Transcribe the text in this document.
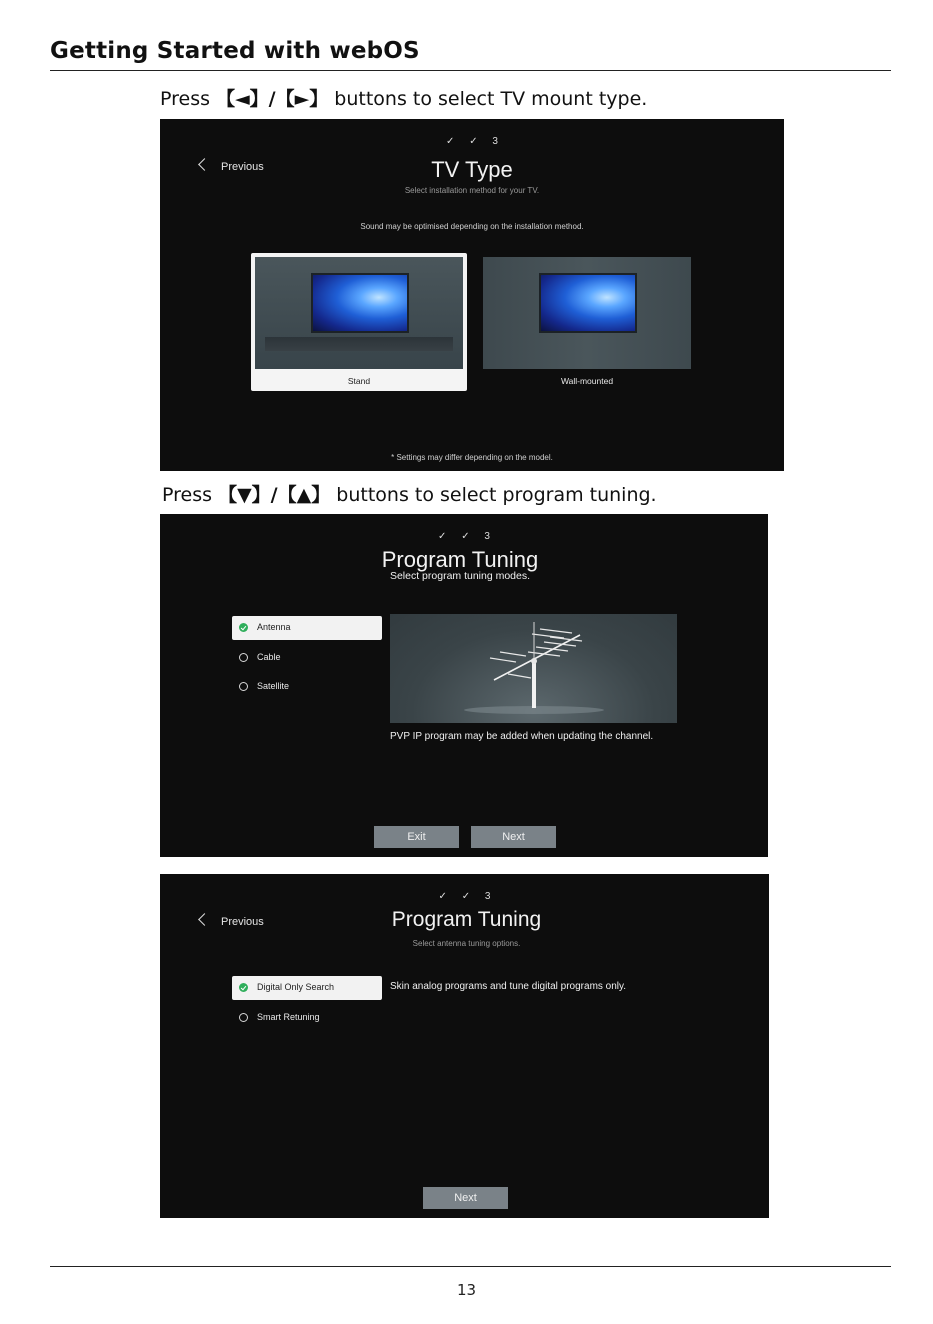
Getting Started with webOS
Press 【◄】/【►】 buttons to select TV mount type.
✓ ✓ 3
Previous	TV Type
Select installation method for your TV.
Sound may be optimised depending on the installation method.
Stand	Wall-mounted
* Settings may differ depending on the model.
Press 【▼】/【▲】 buttons to select program tuning.
✓ ✓ 3
Program Tuning
Select program tuning modes.
Antenna
Cable
Satellite
PVP IP program may be added when updating the channel.
Exit	Next
✓ ✓ 3
Previous	Program Tuning
Select antenna tuning options.
Digital Only Search
Smart Retuning
Skin analog programs and tune digital programs only.
Next
13
